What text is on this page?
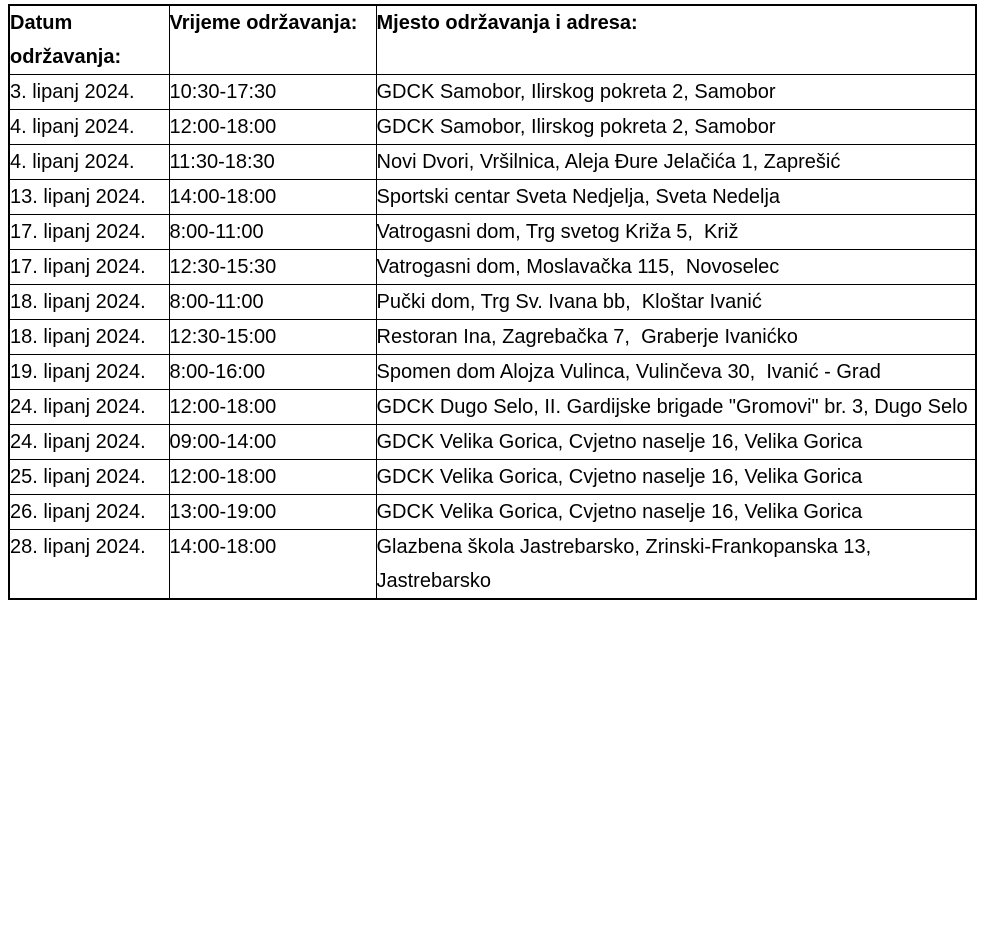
Datum održavanja:	Vrijeme održavanja:	Mjesto održavanja i adresa:
3. lipanj 2024.	10:30-17:30	GDCK Samobor, Ilirskog pokreta 2, Samobor
4. lipanj 2024.	12:00-18:00	GDCK Samobor, Ilirskog pokreta 2, Samobor
4. lipanj 2024.	11:30-18:30	Novi Dvori, Vršilnica, Aleja Đure Jelačića 1, Zaprešić
13. lipanj 2024.	14:00-18:00	Sportski centar Sveta Nedjelja, Sveta Nedelja
17. lipanj 2024.	8:00-11:00	Vatrogasni dom, Trg svetog Križa 5,  Križ
17. lipanj 2024.	12:30-15:30	Vatrogasni dom, Moslavačka 115,  Novoselec
18. lipanj 2024.	8:00-11:00	Pučki dom, Trg Sv. Ivana bb,  Kloštar Ivanić
18. lipanj 2024.	12:30-15:00	Restoran Ina, Zagrebačka 7,  Graberje Ivanićko
19. lipanj 2024.	8:00-16:00	Spomen dom Alojza Vulinca, Vulinčeva 30,  Ivanić - Grad
24. lipanj 2024.	12:00-18:00	GDCK Dugo Selo, II. Gardijske brigade "Gromovi" br. 3, Dugo Selo
24. lipanj 2024.	09:00-14:00	GDCK Velika Gorica, Cvjetno naselje 16, Velika Gorica
25. lipanj 2024.	12:00-18:00	GDCK Velika Gorica, Cvjetno naselje 16, Velika Gorica
26. lipanj 2024.	13:00-19:00	GDCK Velika Gorica, Cvjetno naselje 16, Velika Gorica
28. lipanj 2024.	14:00-18:00	Glazbena škola Jastrebarsko, Zrinski-Frankopanska 13, Jastrebarsko
